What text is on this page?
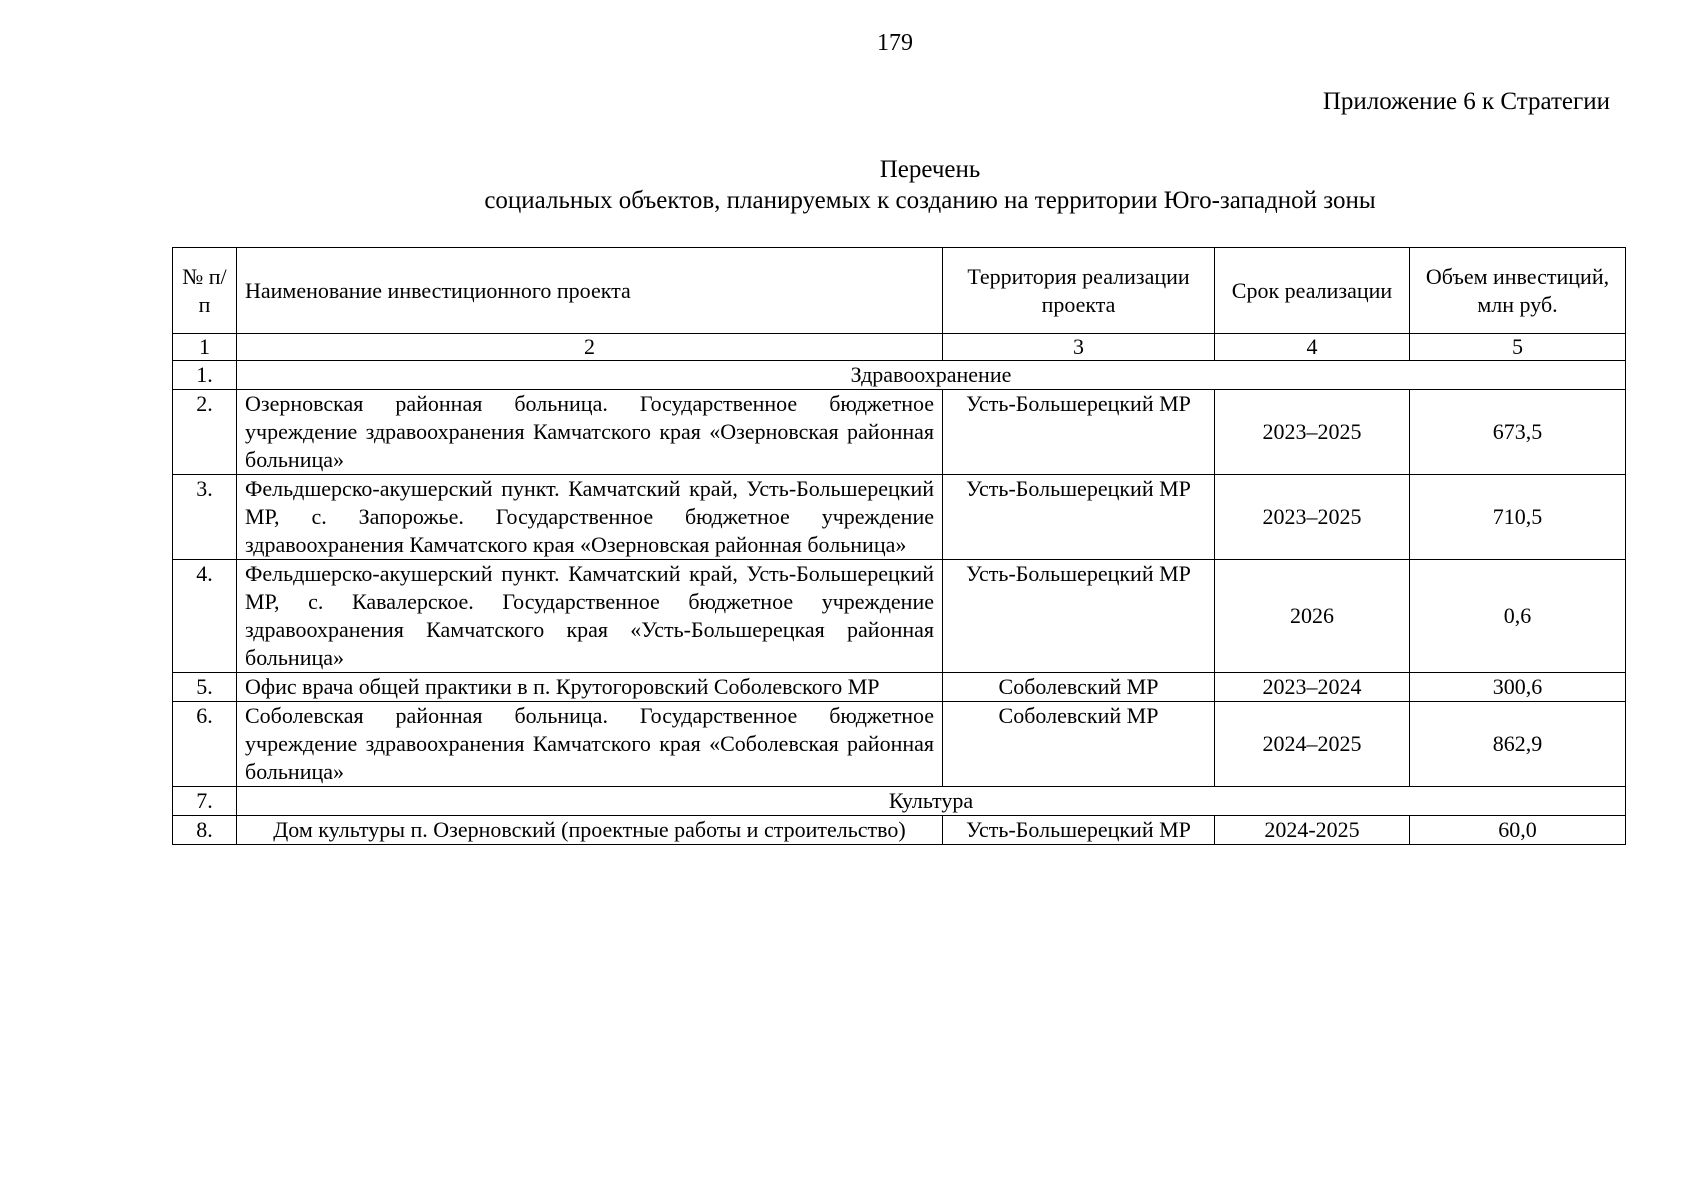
179
Приложение 6 к Стратегии
Перечень
социальных объектов, планируемых к созданию на территории Юго-западной зоны
№ п/п	Наименование инвестиционного проекта	Территория реализации проекта	Срок реализации	Объем инвестиций, млн руб.
1	2	3	4	5
1.	Здравоохранение			
2.	Озерновская районная больница. Государственное бюджетное учреждение здравоохранения Камчатского края «Озерновская районная больница»	Усть-Большерецкий МР	2023–2025	673,5
3.	Фельдшерско-акушерский пункт. Камчатский край, Усть-Большерецкий МР, с. Запорожье. Государственное бюджетное учреждение здравоохранения Камчатского края «Озерновская районная больница»	Усть-Большерецкий МР	2023–2025	710,5
4.	Фельдшерско-акушерский пункт. Камчатский край, Усть-Большерецкий МР, с. Кавалерское. Государственное бюджетное учреждение здравоохранения Камчатского края «Усть-Большерецкая районная больница»	Усть-Большерецкий МР	2026	0,6
5.	Офис врача общей практики в п. Крутогоровский Соболевского МР	Соболевский МР	2023–2024	300,6
6.	Соболевская районная больница. Государственное бюджетное учреждение здравоохранения Камчатского края «Соболевская районная больница»	Соболевский МР	2024–2025	862,9
7.	Культура			
8.	Дом культуры п. Озерновский (проектные работы и строительство)	Усть-Большерецкий МР	2024-2025	60,0
